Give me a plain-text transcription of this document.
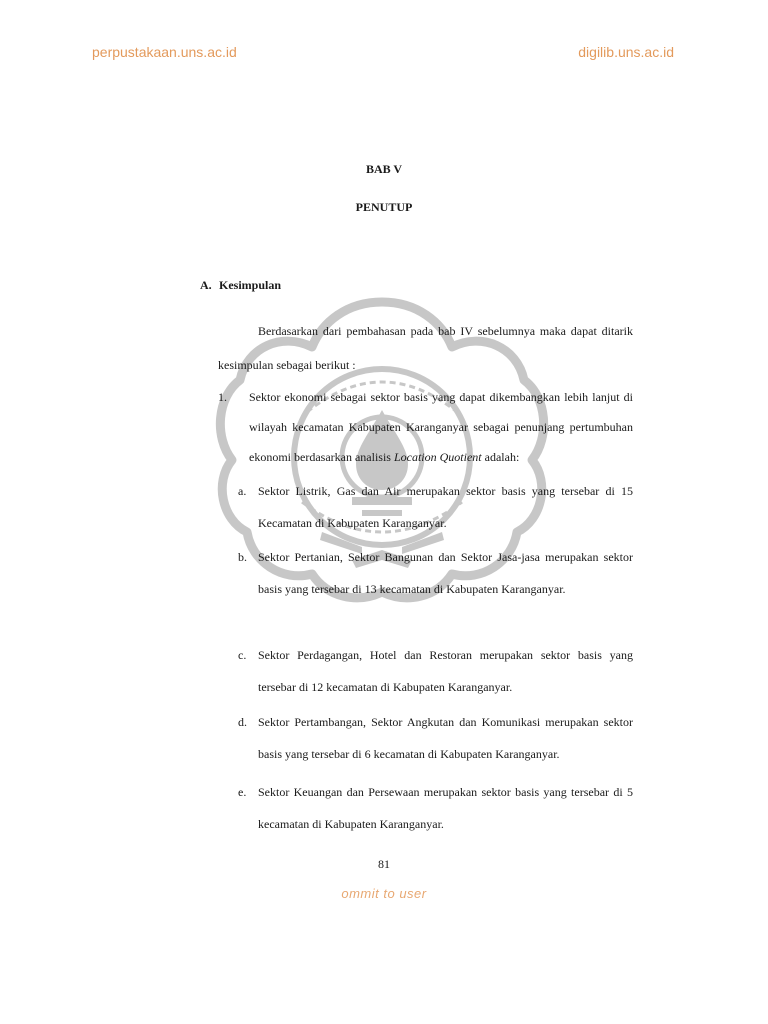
perpustakaan.uns.ac.id	digilib.uns.ac.id
BAB V
PENUTUP
A. Kesimpulan

Berdasarkan dari pembahasan pada bab IV sebelumnya maka dapat ditarik kesimpulan sebagai berikut :

1. Sektor ekonomi sebagai sektor basis yang dapat dikembangkan lebih lanjut di wilayah kecamatan Kabupaten Karanganyar sebagai penunjang pertumbuhan ekonomi berdasarkan analisis Location Quotient adalah:
a. Sektor Listrik, Gas dan Air merupakan sektor basis yang tersebar di 15 Kecamatan di Kabupaten Karanganyar.
b. Sektor Pertanian, Sektor Bangunan dan Sektor Jasa-jasa merupakan sektor basis yang tersebar di 13 kecamatan di Kabupaten Karanganyar.
c. Sektor Perdagangan, Hotel dan Restoran merupakan sektor basis yang tersebar di 12 kecamatan di Kabupaten Karanganyar.
d. Sektor Pertambangan, Sektor Angkutan dan Komunikasi merupakan sektor basis yang tersebar di 6 kecamatan di Kabupaten Karanganyar.
e. Sektor Keuangan dan Persewaan merupakan sektor basis yang tersebar di 5 kecamatan di Kabupaten Karanganyar.
81
ommit to user
